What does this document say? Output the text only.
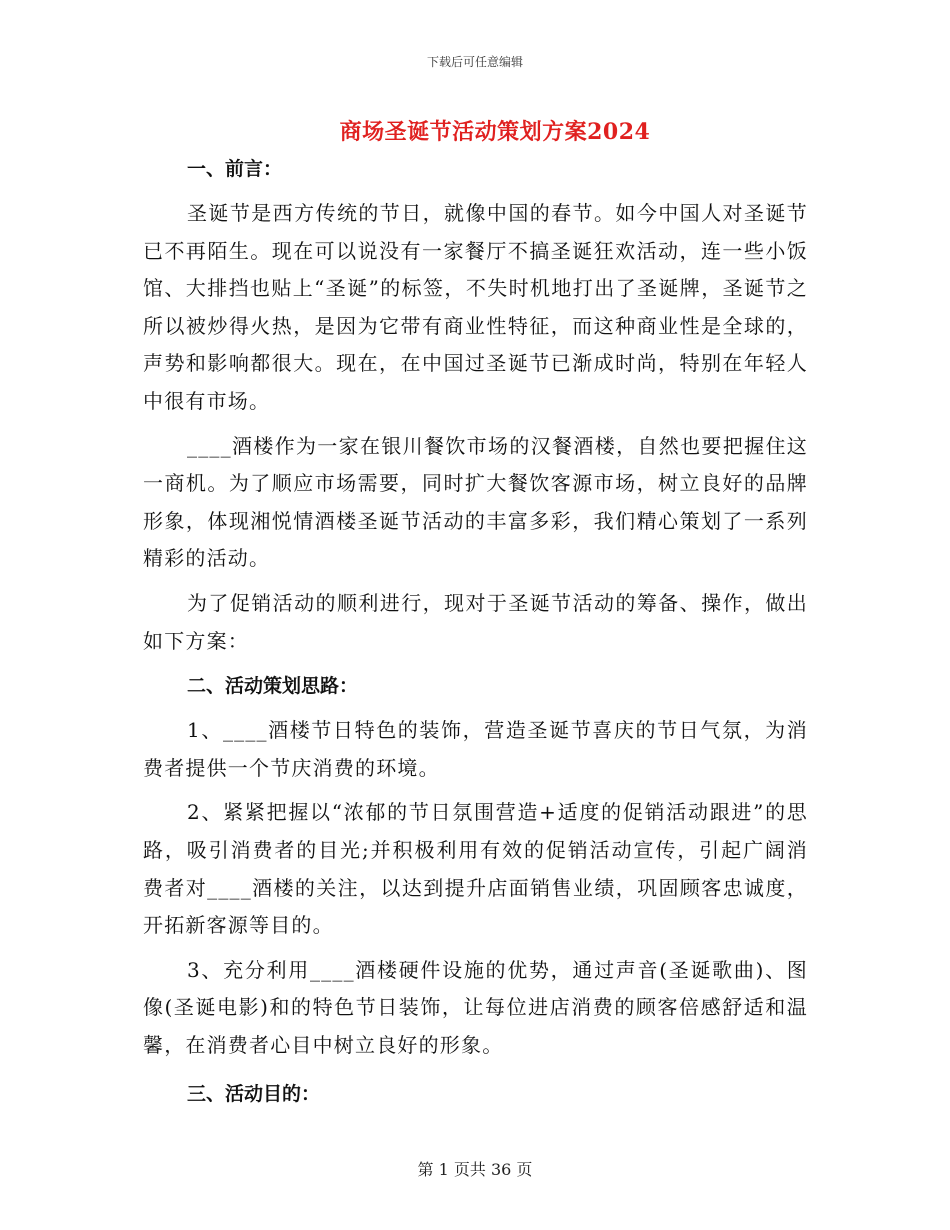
下载后可任意编辑
商场圣诞节活动策划方案2024

一、前言：

圣诞节是西方传统的节日，就像中国的春节。如今中国人对圣诞节已不再陌生。现在可以说没有一家餐厅不搞圣诞狂欢活动，连一些小饭馆、大排挡也贴上“圣诞”的标签，不失时机地打出了圣诞牌，圣诞节之所以被炒得火热，是因为它带有商业性特征，而这种商业性是全球的，声势和影响都很大。现在，在中国过圣诞节已渐成时尚，特别在年轻人中很有市场。

____酒楼作为一家在银川餐饮市场的汉餐酒楼，自然也要把握住这一商机。为了顺应市场需要，同时扩大餐饮客源市场，树立良好的品牌形象，体现湘悦情酒楼圣诞节活动的丰富多彩，我们精心策划了一系列精彩的活动。

为了促销活动的顺利进行，现对于圣诞节活动的筹备、操作，做出如下方案：

二、活动策划思路：

1、____酒楼节日特色的装饰，营造圣诞节喜庆的节日气氛，为消费者提供一个节庆消费的环境。

2、紧紧把握以“浓郁的节日氛围营造+适度的促销活动跟进”的思路，吸引消费者的目光;并积极利用有效的促销活动宣传，引起广阔消费者对____酒楼的关注，以达到提升店面销售业绩，巩固顾客忠诚度，开拓新客源等目的。

3、充分利用____酒楼硬件设施的优势，通过声音(圣诞歌曲)、图像(圣诞电影)和的特色节日装饰，让每位进店消费的顾客倍感舒适和温馨，在消费者心目中树立良好的形象。

三、活动目的：

第 1 页共 36 页
